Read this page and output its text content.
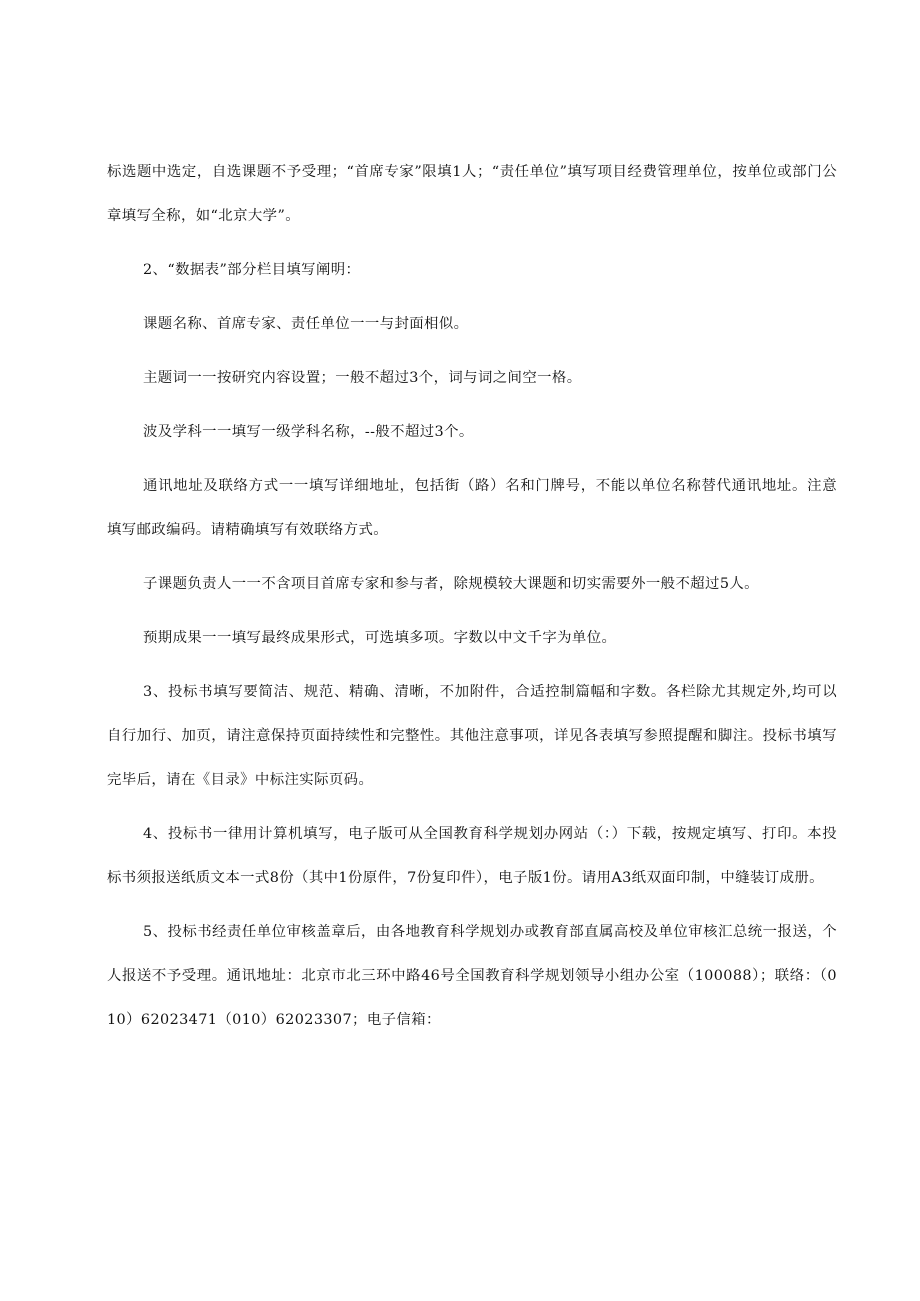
标选题中选定，自选课题不予受理；“首席专家”限填1人；“责任单位”填写项目经费管理单位，按单位或部门公章填写全称，如“北京大学”。

2、“数据表”部分栏目填写阐明：

课题名称、首席专家、责任单位一一与封面相似。

主题词一一按研究内容设置；一般不超过3个，词与词之间空一格。

波及学科一一填写一级学科名称，--般不超过3个。

通讯地址及联络方式一一填写详细地址，包括街（路）名和门牌号，不能以单位名称替代通讯地址。注意填写邮政编码。请精确填写有效联络方式。

子课题负责人一一不含项目首席专家和参与者，除规模较大课题和切实需要外一般不超过5人。

预期成果一一填写最终成果形式，可选填多项。字数以中文千字为单位。

3、投标书填写要简洁、规范、精确、清晰，不加附件，合适控制篇幅和字数。各栏除尤其规定外,均可以自行加行、加页，请注意保持页面持续性和完整性。其他注意事项，详见各表填写参照提醒和脚注。投标书填写完毕后，请在《目录》中标注实际页码。

4、投标书一律用计算机填写，电子版可从全国教育科学规划办网站（：）下载，按规定填写、打印。本投标书须报送纸质文本一式8份（其中1份原件，7份复印件），电子版1份。请用A3纸双面印制，中缝装订成册。

5、投标书经责任单位审核盖章后，由各地教育科学规划办或教育部直属高校及单位审核汇总统一报送，个人报送不予受理。通讯地址：北京市北三环中路46号全国教育科学规划领导小组办公室（100088）；联络：（010）62023471（010）62023307；电子信箱：
